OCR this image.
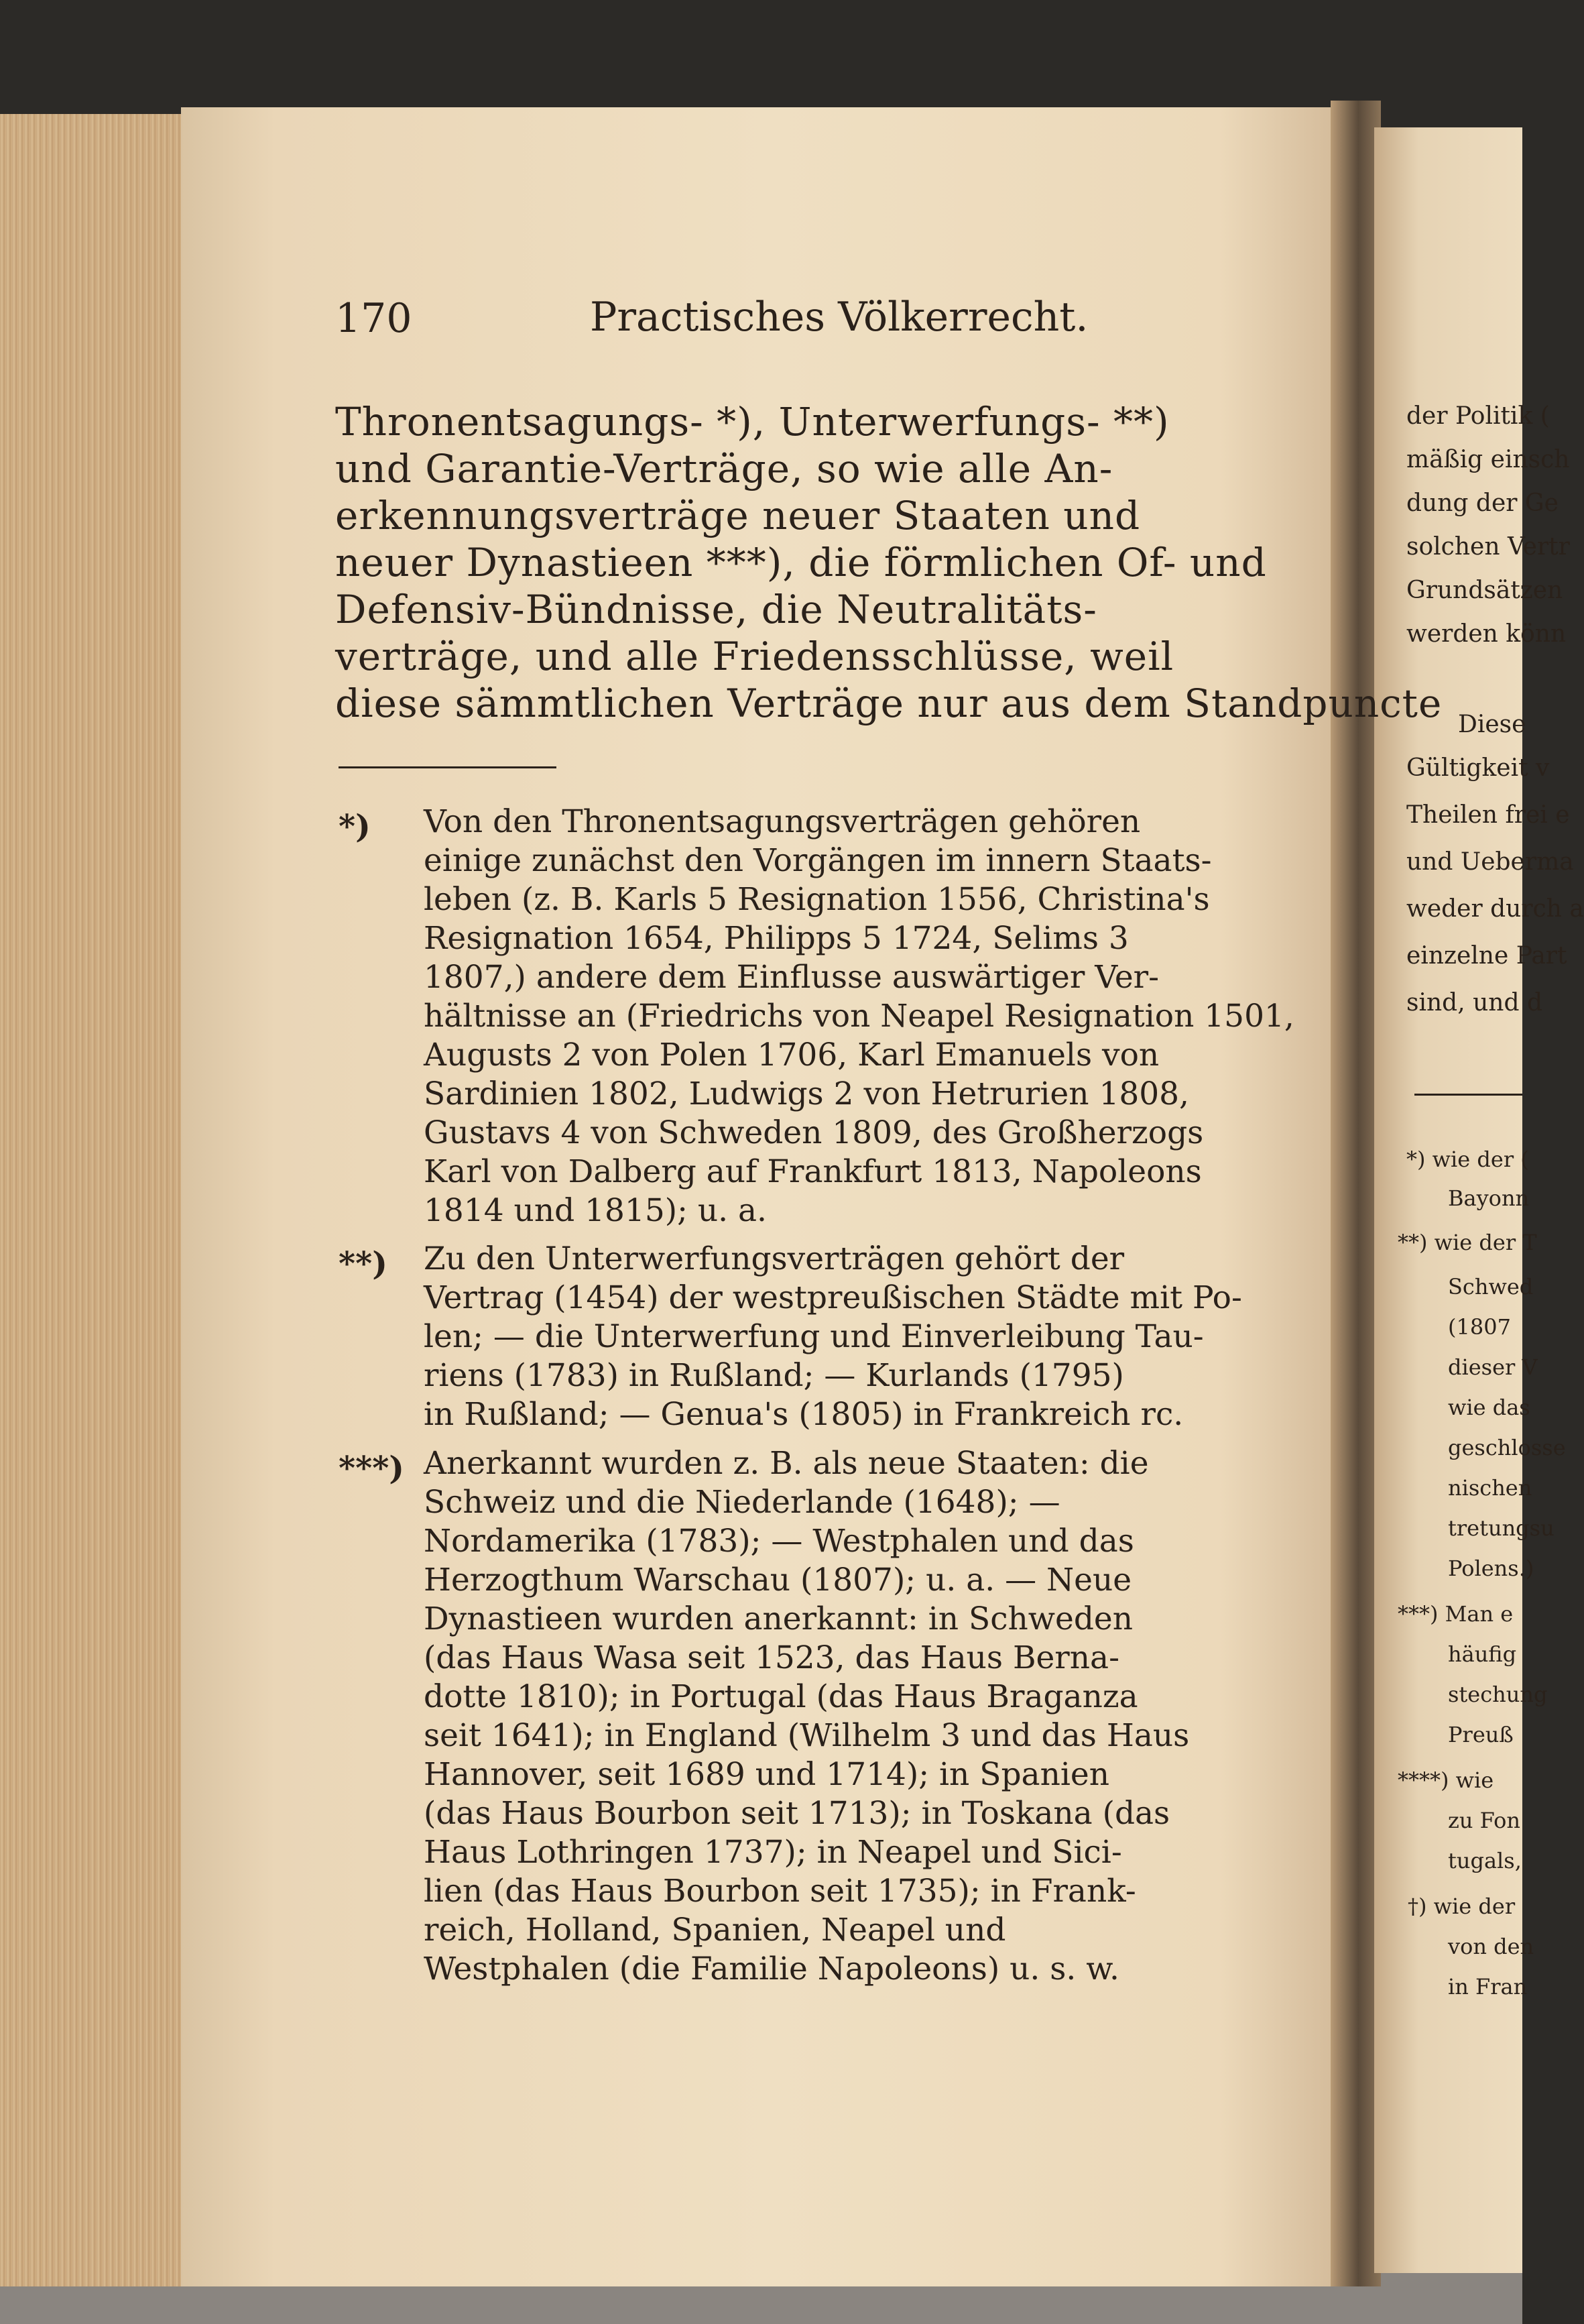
170	Practisches Völkerrecht.
Thronentsagungs- *), Unterwerfungs- **)
und Garantie-Verträge, so wie alle An-
erkennungsverträge neuer Staaten und
neuer Dynastieen ***), die förmlichen Of- und
Defensiv-Bündnisse, die Neutralitäts-
verträge, und alle Friedensschlüsse, weil
diese sämmtlichen Verträge nur aus dem Standpuncte
*) Von den Thronentsagungsverträgen gehören
einige zunächst den Vorgängen im innern Staats-
leben (z. B. Karls 5 Resignation 1556, Christina's
Resignation 1654, Philipps 5 1724, Selims 3
1807,) andere dem Einflusse auswärtiger Ver-
hältnisse an (Friedrichs von Neapel Resignation 1501,
Augusts 2 von Polen 1706, Karl Emanuels von
Sardinien 1802, Ludwigs 2 von Hetrurien 1808,
Gustavs 4 von Schweden 1809, des Großherzogs
Karl von Dalberg auf Frankfurt 1813, Napoleons
1814 und 1815); u. a.
**) Zu den Unterwerfungsverträgen gehört der
Vertrag (1454) der westpreußischen Städte mit Po-
len; — die Unterwerfung und Einverleibung Tau-
riens (1783) in Rußland; — Kurlands (1795)
in Rußland; — Genua's (1805) in Frankreich rc.
***) Anerkannt wurden z. B. als neue Staaten: die
Schweiz und die Niederlande (1648); —
Nordamerika (1783); — Westphalen und das
Herzogthum Warschau (1807); u. a. — Neue
Dynastieen wurden anerkannt: in Schweden
(das Haus Wasa seit 1523, das Haus Berna-
dotte 1810); in Portugal (das Haus Braganza
seit 1641); in England (Wilhelm 3 und das Haus
Hannover, seit 1689 und 1714); in Spanien
(das Haus Bourbon seit 1713); in Toskana (das
Haus Lothringen 1737); in Neapel und Sici-
lien (das Haus Bourbon seit 1735); in Frank-
reich, Holland, Spanien, Neapel und
Westphalen (die Familie Napoleons) u. s. w.
der Politik (
mäßig einsch
dung der Ge
solchen Vertr
Grundsätzen
werden könn
Diese
Gültigkeit v
Theilen frei e
und Ueberma
weder durch a
einzelne Part
sind, und d
*) wie der (
Bayonn
**) wie der T
Schwed
(1807
dieser V
wie das
geschlosse
nischen
tretungsu
Polens.)
***) Man e
häufig
stechung
Preuß
****) wie
zu Fon
tugals,
†) wie der
von den
in Fran
